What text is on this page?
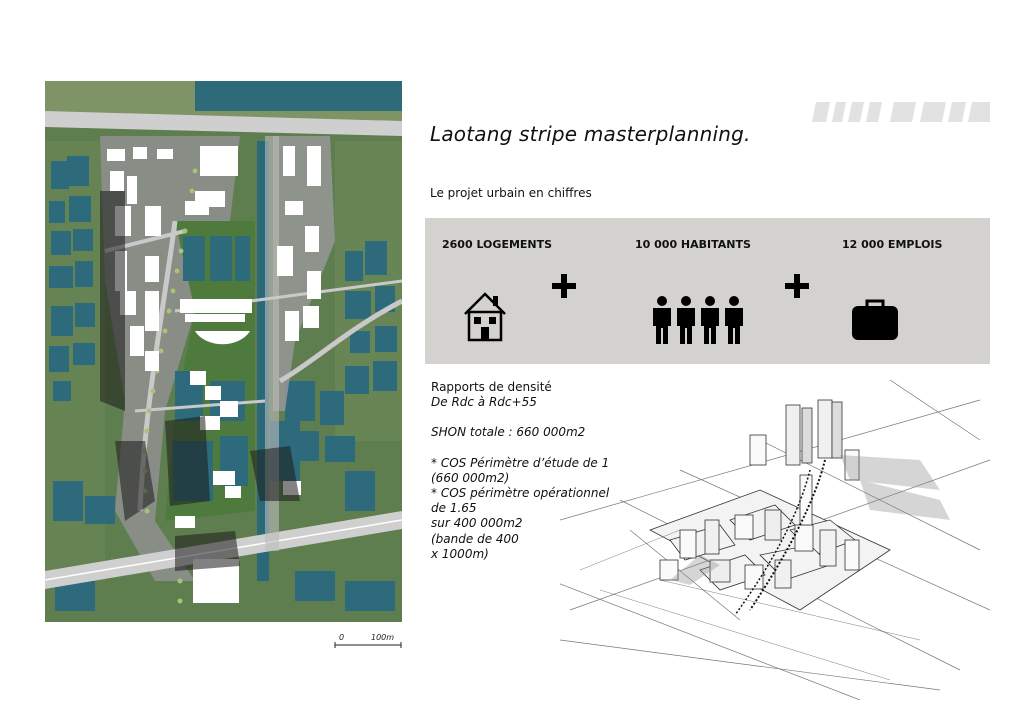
0	100m
Laotang stripe masterplanning.
Le projet urbain en chiffres
2600 LOGEMENTS	10 000 HABITANTS	12 000 EMPLOIS
Rapports de densité
De Rdc à Rdc+55
SHON totale : 660 000m2
* COS Périmètre d’étude de 1
(660 000m2)
* COS périmètre opérationnel
de 1.65
sur 400 000m2
(bande de 400
x 1000m)
